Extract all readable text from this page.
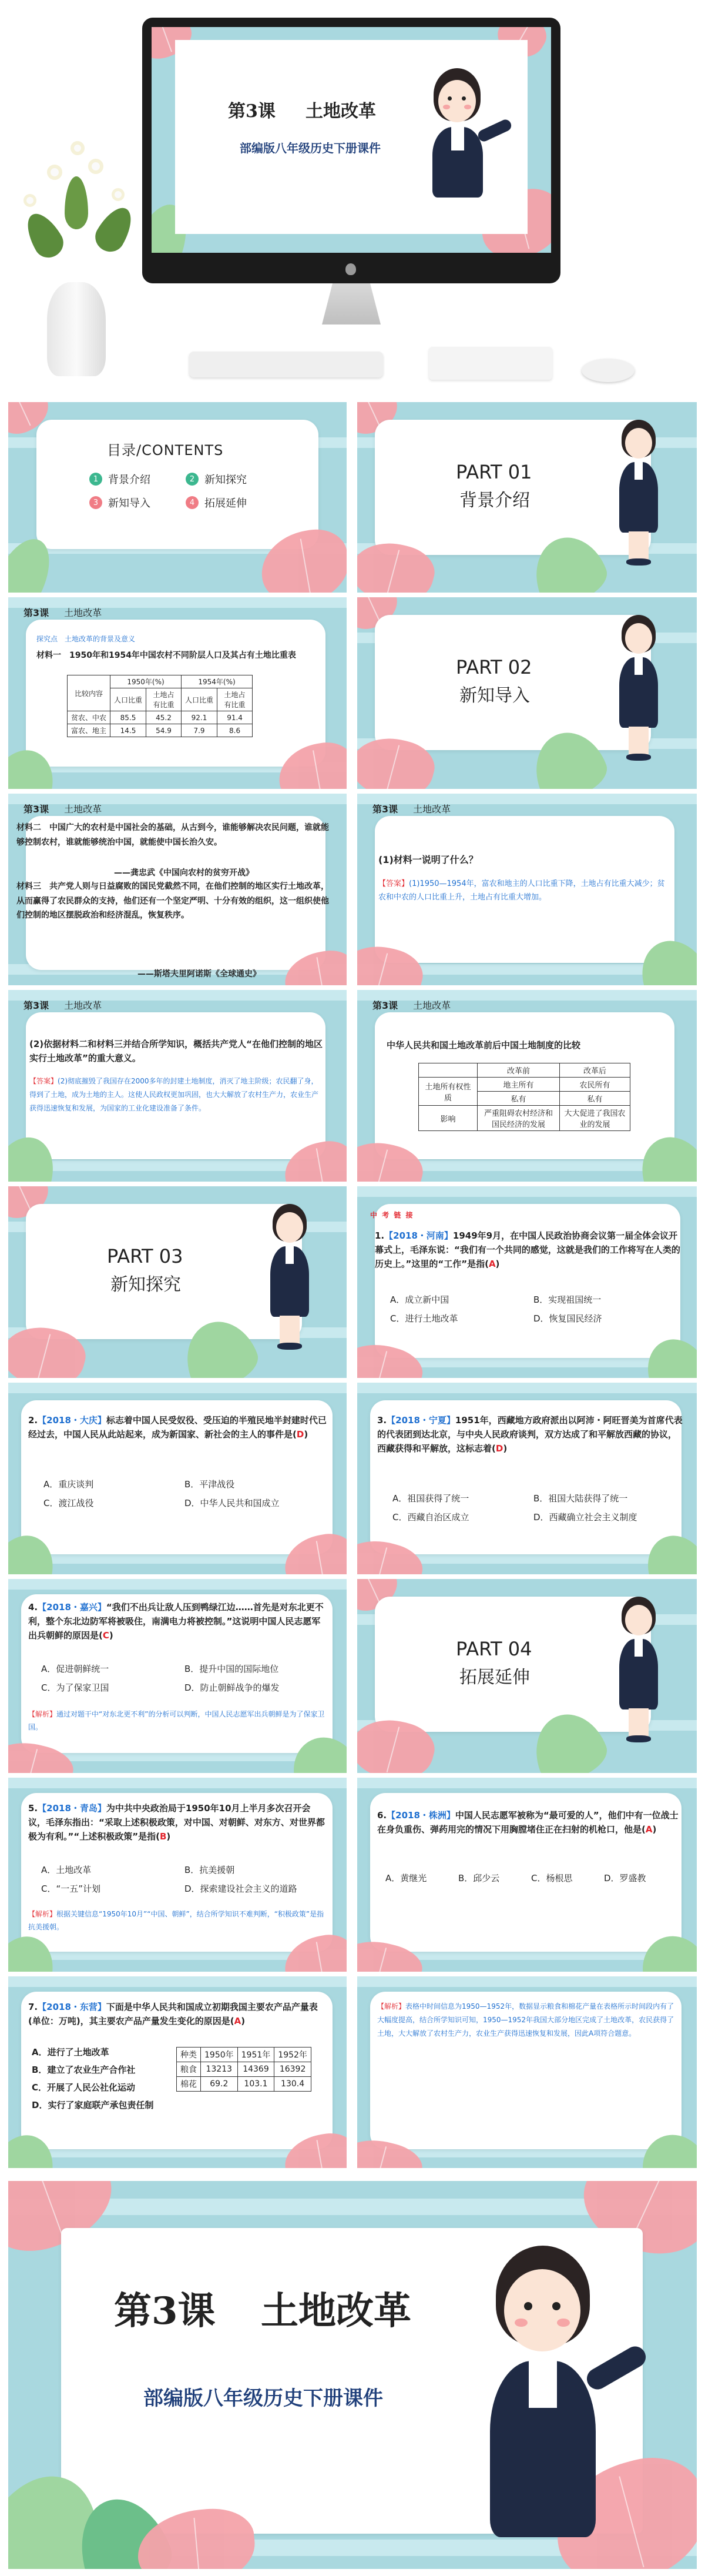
第3课 土地改革
部编版八年级历史下册课件
目录/CONTENTS
1 背景介绍	2 新知探究
3 新知导入	4 拓展延伸
PART 01
背景介绍
第3课 土地改革
探究点　 土地改革的背景及意义
材料一　1950年和1954年中国农村不同阶层人口及其占有土地比重表
比较内容	1950年(%)		1954年(%)	
	人口比重	土地占有比重	人口比重	土地占有比重
贫农、中农	85.5	45.2	92.1	91.4
富农、地主	14.5	54.9	7.9	8.6
PART 02
新知导入
第3课 土地改革
材料二　中国广大的农村是中国社会的基础，从古到今，谁能够解决农民问题，谁就能够控制农村，谁就能够统治中国，就能使中国长治久安。
——龚忠武《中国向农村的贫穷开战》
材料三　共产党人则与日益腐败的国民党截然不同，在他们控制的地区实行土地改革，从而赢得了农民群众的支持，他们还有一个坚定严明、十分有效的组织，这一组织使他们控制的地区摆脱政治和经济混乱，恢复秩序。
——斯塔夫里阿诺斯《全球通史》
第3课 土地改革
(1)材料一说明了什么？
【答案】(1)1950—1954年，富农和地主的人口比重下降，土地占有比重大减少；贫农和中农的人口比重上升，土地占有比重大增加。
第3课 土地改革
(2)依据材料二和材料三并结合所学知识，概括共产党人“在他们控制的地区实行土地改革”的重大意义。
【答案】(2)彻底摧毁了我国存在2000多年的封建土地制度，消灭了地主阶级；农民翻了身，得到了土地，成为土地的主人。这使人民政权更加巩固，也大大解放了农村生产力，农业生产获得迅速恢复和发展，为国家的工业化建设准备了条件。
第3课 土地改革
中华人民共和国土地改革前后中国土地制度的比较
	改革前	改革后
土地所有权性质	地主所有	农民所有
	私有	私有
影响	严重阻碍农村经济和国民经济的发展	大大促进了我国农业的发展
PART 03
新知探究
中 考 链 接
1.【2018・河南】1949年9月，在中国人民政治协商会议第一届全体会议开幕式上，毛泽东说：“我们有一个共同的感觉，这就是我们的工作将写在人类的历史上。”这里的“工作”是指(A)
A．成立新中国	B．实现祖国统一
C．进行土地改革	D．恢复国民经济
2.【2018・大庆】标志着中国人民受奴役、受压迫的半殖民地半封建时代已经过去，中国人民从此站起来，成为新国家、新社会的主人的事件是(D)
A．重庆谈判	B．平津战役
C．渡江战役	D．中华人民共和国成立
3.【2018・宁夏】1951年，西藏地方政府派出以阿沛・阿旺晋美为首席代表的代表团到达北京，与中央人民政府谈判，双方达成了和平解放西藏的协议，西藏获得和平解放，这标志着(D)
A．祖国获得了统一	B．祖国大陆获得了统一
C．西藏自治区成立	D．西藏确立社会主义制度
4.【2018・嘉兴】“我们不出兵让敌人压到鸭绿江边……首先是对东北更不利，整个东北边防军将被吸住，南满电力将被控制。”这说明中国人民志愿军出兵朝鲜的原因是(C)
A．促进朝鲜统一	B．提升中国的国际地位
C．为了保家卫国	D．防止朝鲜战争的爆发
【解析】通过对题干中“对东北更不利”的分析可以判断，中国人民志愿军出兵朝鲜是为了保家卫国。
PART 04
拓展延伸
5.【2018・青岛】为中共中央政治局于1950年10月上半月多次召开会议，毛泽东指出：“采取上述积极政策，对中国、对朝鲜、对东方、对世界都极为有利。”“上述积极政策”是指(B)
A．土地改革	B．抗美援朝
C．“一五”计划	D．探索建设社会主义的道路
【解析】根据关键信息“1950年10月”“中国、朝鲜”，结合所学知识不难判断，“积极政策”是指抗美援朝。
6.【2018・株洲】中国人民志愿军被称为“最可爱的人”，他们中有一位战士在身负重伤、弹药用完的情况下用胸膛堵住正在扫射的机枪口，他是(A)
A．黄继光	B．邱少云	C．杨根思	D．罗盛教
7.【2018・东营】下面是中华人民共和国成立初期我国主要农产品产量表(单位：万吨)，其主要农产品产量发生变化的原因是(A)
A．进行了土地改革
B．建立了农业生产合作社
C．开展了人民公社化运动
D．实行了家庭联产承包责任制
种类	1950年	1951年	1952年
粮食	13213	14369	16392
棉花	69.2	103.1	130.4
【解析】表格中时间信息为1950—1952年，数据显示粮食和棉花产量在表格所示时间段内有了大幅度提高，结合所学知识可知，1950—1952年我国大部分地区完成了土地改革，农民获得了土地，大大解放了农村生产力，农业生产获得迅速恢复和发展，因此A项符合题意。
第3课 土地改革
部编版八年级历史下册课件
